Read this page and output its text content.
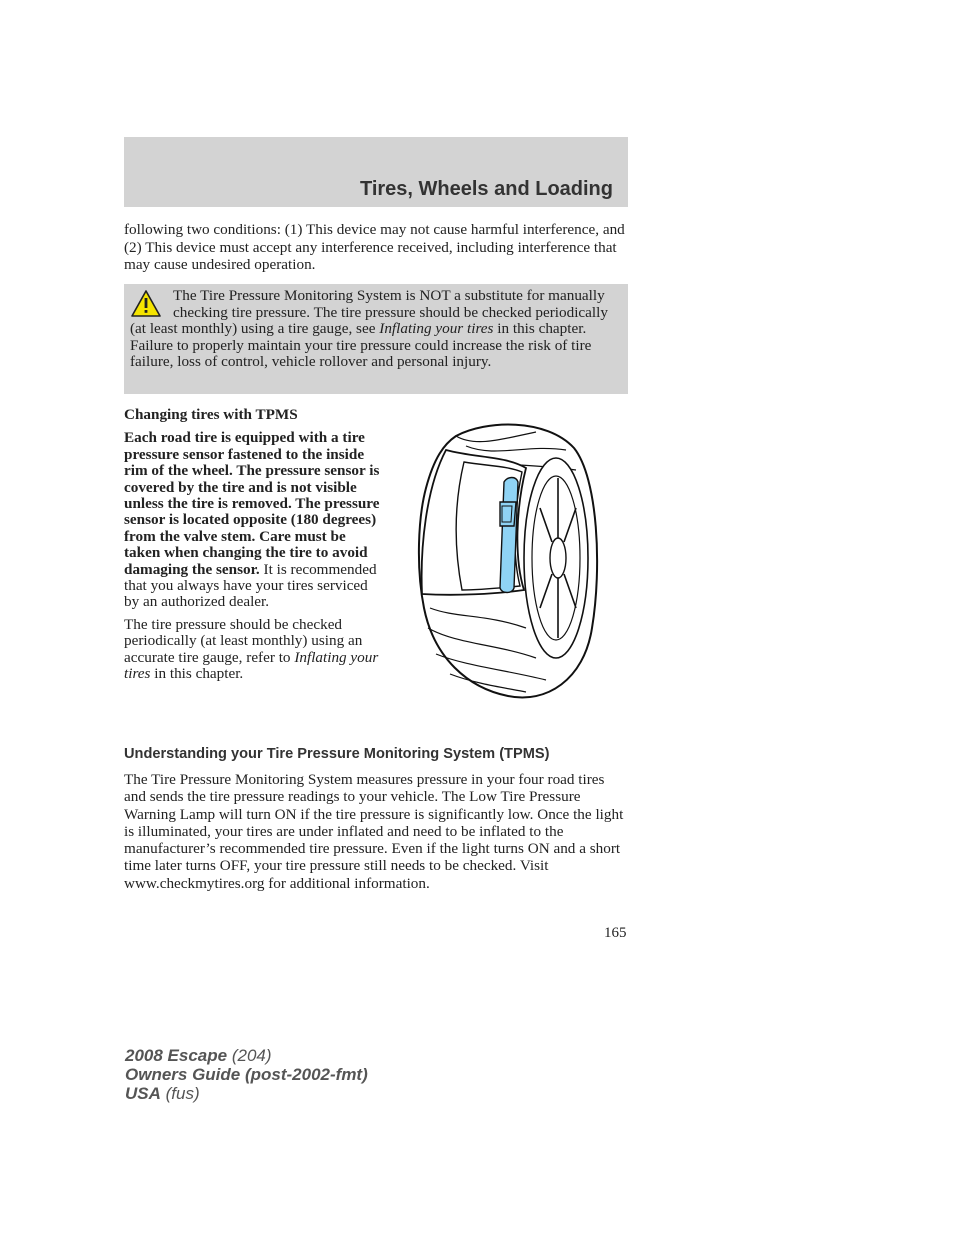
Tires, Wheels and Loading
following two conditions: (1) This device may not cause harmful interference, and (2) This device must accept any interference received, including interference that may cause undesired operation.
The Tire Pressure Monitoring System is NOT a substitute for manually checking tire pressure. The tire pressure should be checked periodically (at least monthly) using a tire gauge, see Inflating your tires in this chapter. Failure to properly maintain your tire pressure could increase the risk of tire failure, loss of control, vehicle rollover and personal injury.
Changing tires with TPMS
Each road tire is equipped with a tire pressure sensor fastened to the inside rim of the wheel. The pressure sensor is covered by the tire and is not visible unless the tire is removed. The pressure sensor is located opposite (180 degrees) from the valve stem. Care must be taken when changing the tire to avoid damaging the sensor. It is recommended that you always have your tires serviced by an authorized dealer.
The tire pressure should be checked periodically (at least monthly) using an accurate tire gauge, refer to Inflating your tires in this chapter.
Understanding your Tire Pressure Monitoring System (TPMS)
The Tire Pressure Monitoring System measures pressure in your four road tires and sends the tire pressure readings to your vehicle. The Low Tire Pressure Warning Lamp will turn ON if the tire pressure is significantly low. Once the light is illuminated, your tires are under inflated and need to be inflated to the manufacturer’s recommended tire pressure. Even if the light turns ON and a short time later turns OFF, your tire pressure still needs to be checked. Visit www.checkmytires.org for additional information.
165
2008 Escape (204)
Owners Guide (post-2002-fmt)
USA (fus)
